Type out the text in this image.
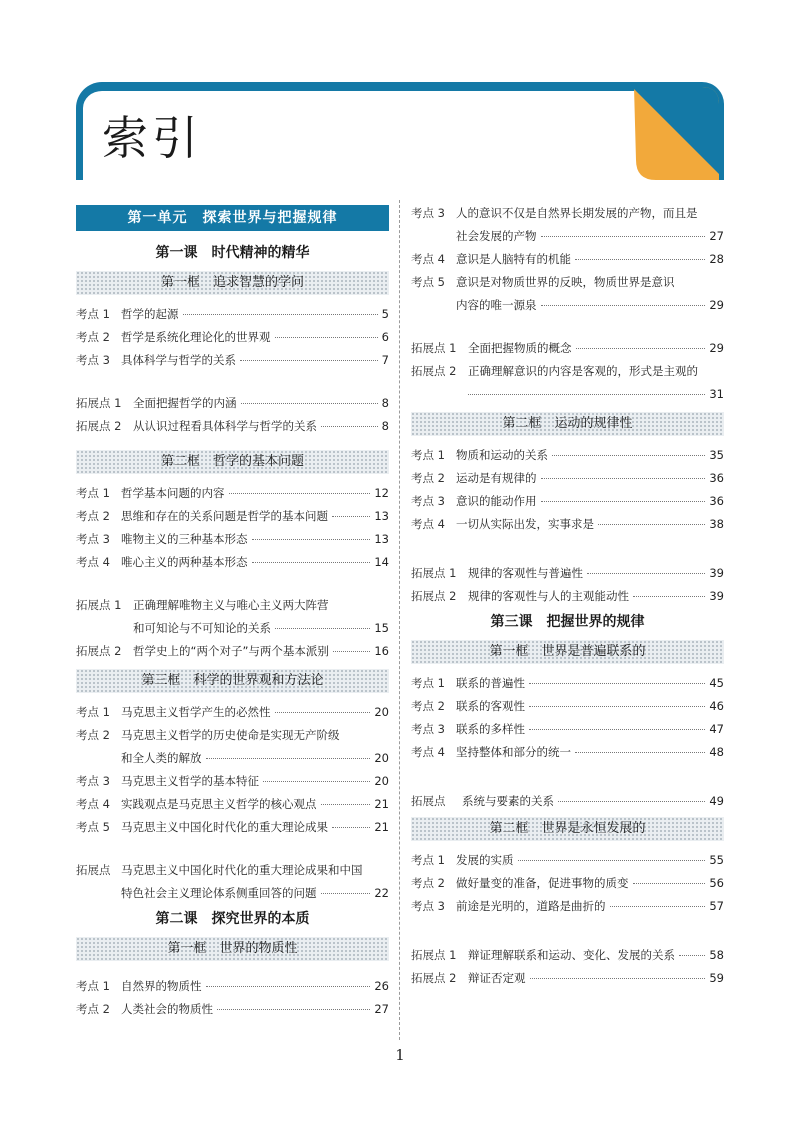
索引
第一单元　探索世界与把握规律
第一课　时代精神的精华
第一框　追求智慧的学问
考点 1 哲学的起源	5
考点 2 哲学是系统化理论化的世界观	6
考点 3 具体科学与哲学的关系	7
拓展点 1	全面把握哲学的内涵	8
拓展点 2	从认识过程看具体科学与哲学的关系	8
第二框　哲学的基本问题
考点 1 哲学基本问题的内容	12
考点 2 思维和存在的关系问题是哲学的基本问题	13
考点 3 唯物主义的三种基本形态	13
考点 4 唯心主义的两种基本形态	14
拓展点 1	正确理解唯物主义与唯心主义两大阵营
和可知论与不可知论的关系	15
拓展点 2	哲学史上的“两个对子”与两个基本派别	16
第三框　科学的世界观和方法论
考点 1 马克思主义哲学产生的必然性	20
考点 2 马克思主义哲学的历史使命是实现无产阶级
和全人类的解放	20
考点 3 马克思主义哲学的基本特征	20
考点 4 实践观点是马克思主义哲学的核心观点	21
考点 5 马克思主义中国化时代化的重大理论成果	21
拓展点 马克思主义中国化时代化的重大理论成果和中国
特色社会主义理论体系侧重回答的问题	22
第二课　探究世界的本质
第一框　世界的物质性
考点 1 自然界的物质性	26
考点 2 人类社会的物质性	27
考点 3 人的意识不仅是自然界长期发展的产物，而且是
社会发展的产物	27
考点 4 意识是人脑特有的机能	28
考点 5 意识是对物质世界的反映，物质世界是意识
内容的唯一源泉	29
拓展点 1	全面把握物质的概念	29
拓展点 2	正确理解意识的内容是客观的，形式是主观的
31
第二框　运动的规律性
考点 1 物质和运动的关系	35
考点 2 运动是有规律的	36
考点 3 意识的能动作用	36
考点 4 一切从实际出发，实事求是	38
拓展点 1	规律的客观性与普遍性	39
拓展点 2	规律的客观性与人的主观能动性	39
第三课　把握世界的规律
第一框　世界是普遍联系的
考点 1 联系的普遍性	45
考点 2 联系的客观性	46
考点 3 联系的多样性	47
考点 4 坚持整体和部分的统一	48
拓展点	系统与要素的关系	49
第二框　世界是永恒发展的
考点 1 发展的实质	55
考点 2 做好量变的准备，促进事物的质变	56
考点 3 前途是光明的，道路是曲折的	57
拓展点 1	辩证理解联系和运动、变化、发展的关系	58
拓展点 2	辩证否定观	59
1
